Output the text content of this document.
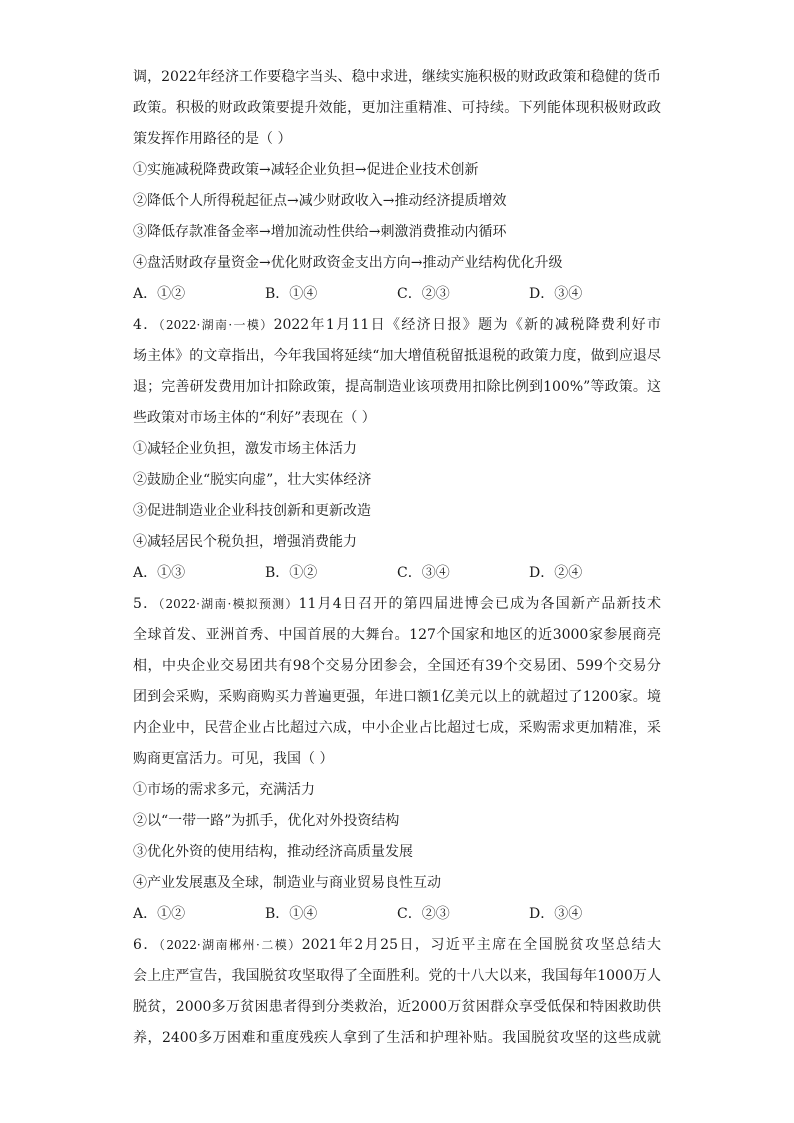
调，2022年经济工作要稳字当头、稳中求进，继续实施积极的财政政策和稳健的货币
政策。积极的财政政策要提升效能，更加注重精准、可持续。下列能体现积极财政政
策发挥作用路径的是（ ）
①实施减税降费政策→减轻企业负担→促进企业技术创新
②降低个人所得税起征点→减少财政收入→推动经济提质增效
③降低存款准备金率→增加流动性供给→刺激消费推动内循环
④盘活财政存量资金→优化财政资金支出方向→推动产业结构优化升级
A．①②	B．①④	C．②③	D．③④
4．（2022·湖南·一模）2022年1月11日《经济日报》题为《新的减税降费利好市
场主体》的文章指出，今年我国将延续“加大增值税留抵退税的政策力度，做到应退尽
退；完善研发费用加计扣除政策，提高制造业该项费用扣除比例到100%”等政策。这
些政策对市场主体的“利好”表现在（ ）
①减轻企业负担，激发市场主体活力
②鼓励企业“脱实向虚”，壮大实体经济
③促进制造业企业科技创新和更新改造
④减轻居民个税负担，增强消费能力
A．①③	B．①②	C．③④	D．②④
5．（2022·湖南·模拟预测）11月4日召开的第四届进博会已成为各国新产品新技术
全球首发、亚洲首秀、中国首展的大舞台。127个国家和地区的近3000家参展商亮
相，中央企业交易团共有98个交易分团参会，全国还有39个交易团、599个交易分
团到会采购，采购商购买力普遍更强，年进口额1亿美元以上的就超过了1200家。境
内企业中，民营企业占比超过六成，中小企业占比超过七成，采购需求更加精准，采
购商更富活力。可见，我国（ ）
①市场的需求多元，充满活力
②以“一带一路”为抓手，优化对外投资结构
③优化外资的使用结构，推动经济高质量发展
④产业发展惠及全球，制造业与商业贸易良性互动
A．①②	B．①④	C．②③	D．③④
6．（2022·湖南郴州·二模）2021年2月25日，习近平主席在全国脱贫攻坚总结大
会上庄严宣告，我国脱贫攻坚取得了全面胜利。党的十八大以来，我国每年1000万人
脱贫，2000多万贫困患者得到分类救治，近2000万贫困群众享受低保和特困救助供
养，2400多万困难和重度残疾人拿到了生活和护理补贴。我国脱贫攻坚的这些成就
